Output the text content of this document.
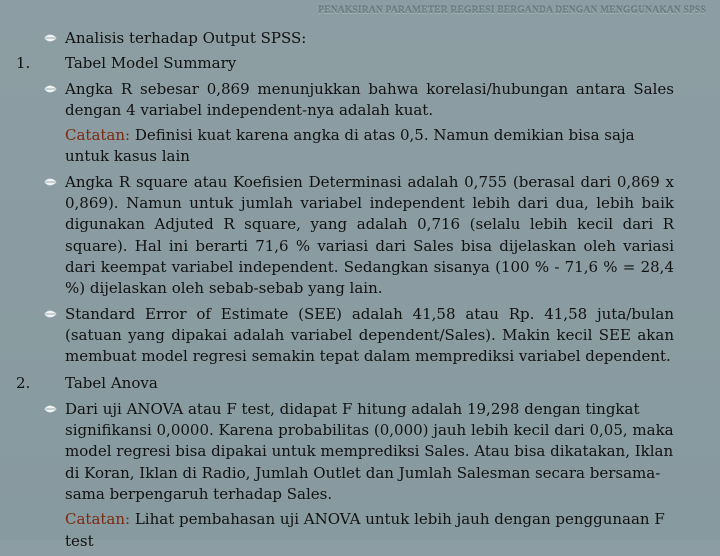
PENAKSIRAN PARAMETER REGRESI BERGANDA DENGAN MENGGUNAKAN SPSS
Analisis terhadap Output SPSS:
1. Tabel Model Summary
Angka R sebesar 0,869 menunjukkan bahwa korelasi/hubungan antara Sales dengan 4 variabel independent-nya adalah kuat.
Catatan: Definisi kuat karena angka di atas 0,5. Namun demikian bisa saja untuk kasus lain
Angka R square atau Koefisien Determinasi adalah 0,755 (berasal dari 0,869 x 0,869). Namun untuk jumlah variabel independent lebih dari dua, lebih baik digunakan Adjuted R square, yang adalah 0,716 (selalu lebih kecil dari R square). Hal ini berarti 71,6 % variasi dari Sales bisa dijelaskan oleh variasi dari keempat variabel independent. Sedangkan sisanya (100 % - 71,6 % = 28,4 %) dijelaskan oleh sebab-sebab yang lain.
Standard Error of Estimate (SEE) adalah 41,58 atau Rp. 41,58 juta/bulan (satuan yang dipakai adalah variabel dependent/Sales). Makin kecil SEE akan membuat model regresi semakin tepat dalam memprediksi variabel dependent.
2. Tabel Anova
Dari uji ANOVA atau F test, didapat F hitung adalah 19,298 dengan tingkat signifikansi 0,0000. Karena probabilitas (0,000) jauh lebih kecil dari 0,05, maka model regresi bisa dipakai untuk memprediksi Sales. Atau bisa dikatakan, Iklan di Koran, Iklan di Radio, Jumlah Outlet dan Jumlah Salesman secara bersama-sama berpengaruh terhadap Sales.
Catatan: Lihat pembahasan uji ANOVA untuk lebih jauh dengan penggunaan F test
